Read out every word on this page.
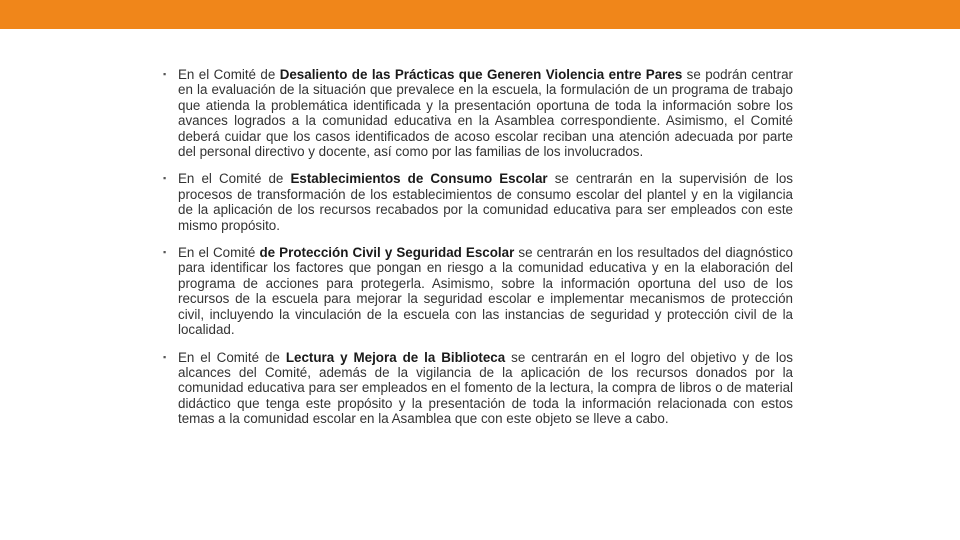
▪ En el Comité de Desaliento de las Prácticas que Generen Violencia entre Pares se podrán centrar en la evaluación de la situación que prevalece en la escuela, la formulación de un programa de trabajo que atienda la problemática identificada y la presentación oportuna de toda la información sobre los avances logrados a la comunidad educativa en la Asamblea correspondiente. Asimismo, el Comité deberá cuidar que los casos identificados de acoso escolar reciban una atención adecuada por parte del personal directivo y docente, así como por las familias de los involucrados.
▪ En el Comité de Establecimientos de Consumo Escolar se centrarán en la supervisión de los procesos de transformación de los establecimientos de consumo escolar del plantel y en la vigilancia de la aplicación de los recursos recabados por la comunidad educativa para ser empleados con este mismo propósito.
▪ En el Comité de Protección Civil y Seguridad Escolar se centrarán en los resultados del diagnóstico para identificar los factores que pongan en riesgo a la comunidad educativa y en la elaboración del programa de acciones para protegerla. Asimismo, sobre la información oportuna del uso de los recursos de la escuela para mejorar la seguridad escolar e implementar mecanismos de protección civil, incluyendo la vinculación de la escuela con las instancias de seguridad y protección civil de la localidad.
▪ En el Comité de Lectura y Mejora de la Biblioteca se centrarán en el logro del objetivo y de los alcances del Comité, además de la vigilancia de la aplicación de los recursos donados por la comunidad educativa para ser empleados en el fomento de la lectura, la compra de libros o de material didáctico que tenga este propósito y la presentación de toda la información relacionada con estos temas a la comunidad escolar en la Asamblea que con este objeto se lleve a cabo.
